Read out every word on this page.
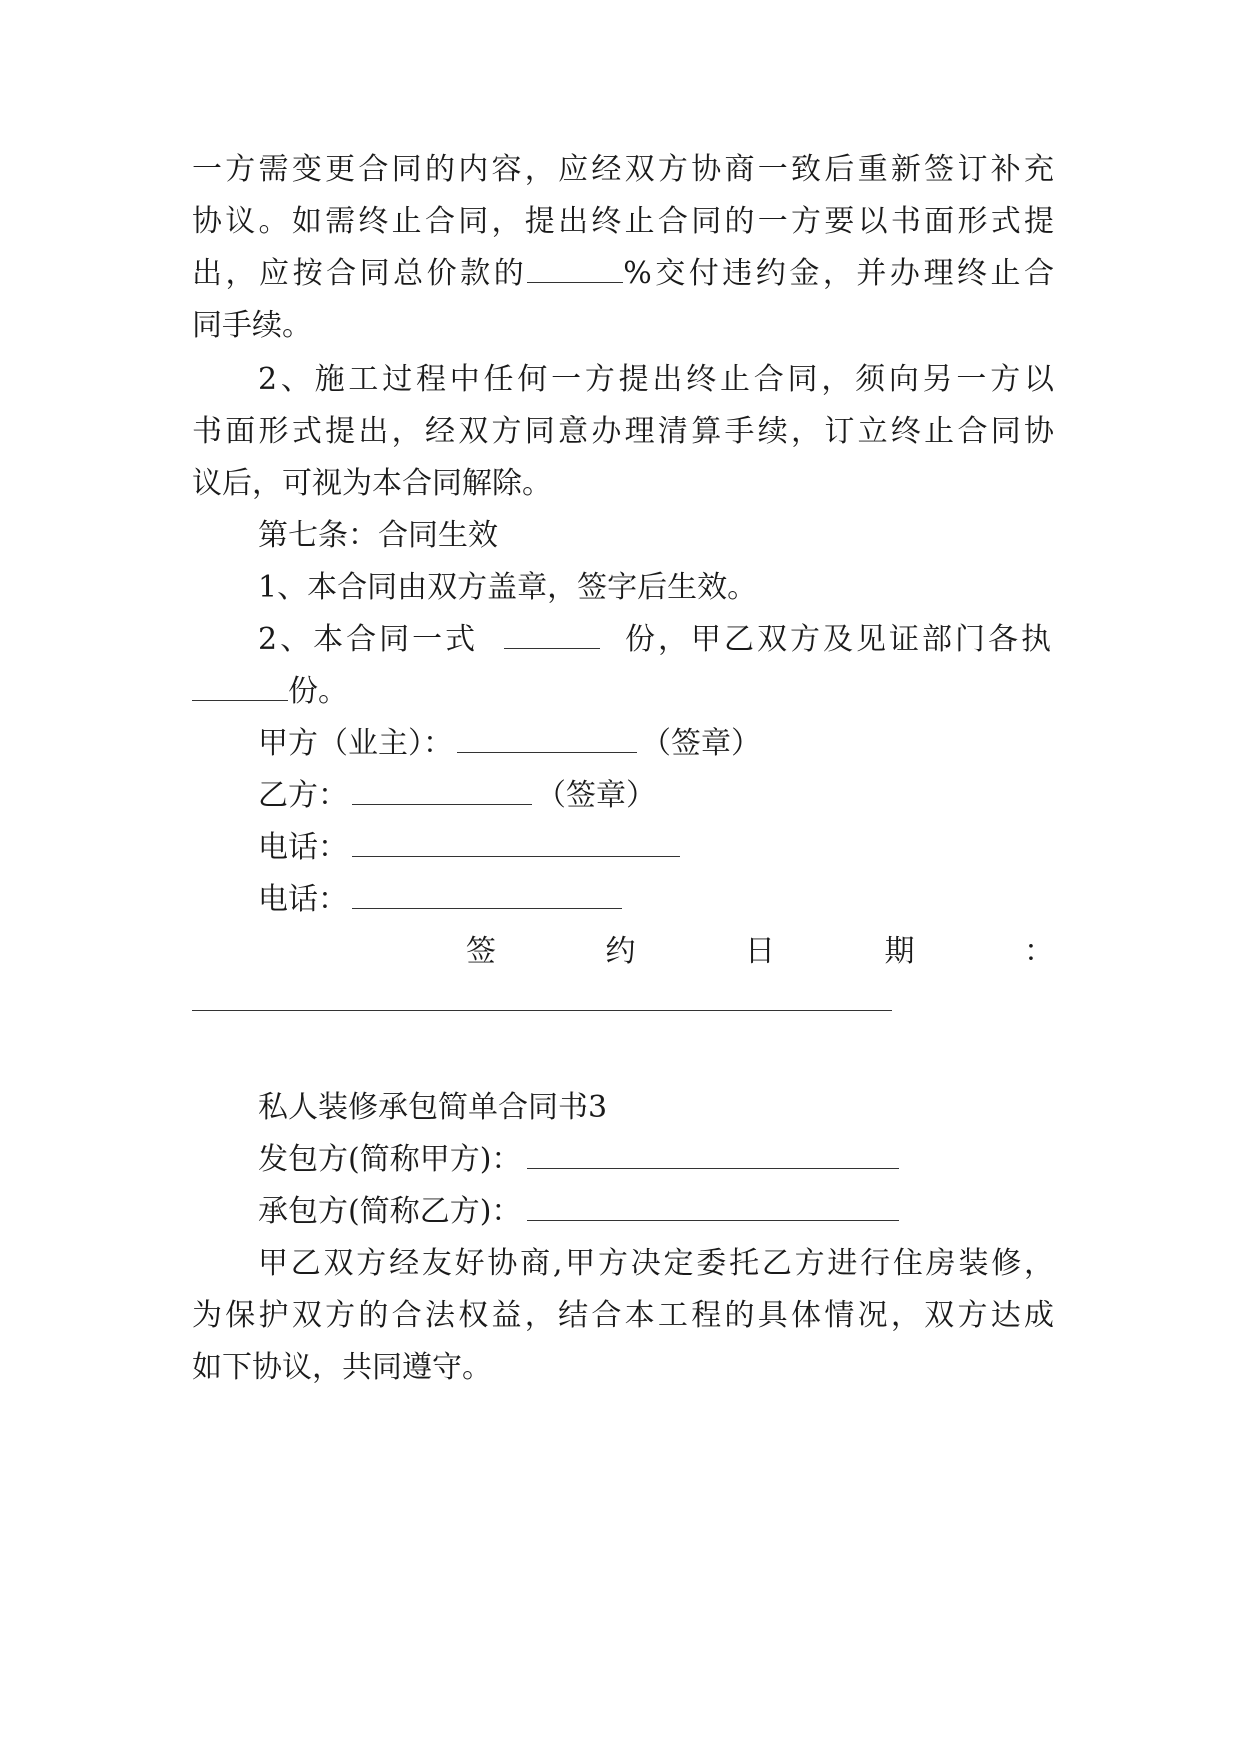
一方需变更合同的内容，应经双方协商一致后重新签订补充
协议。如需终止合同，提出终止合同的一方要以书面形式提
出，应按合同总价款的	%交付违约金，并办理终止合
同手续。
2、施工过程中任何一方提出终止合同，须向另一方以
书面形式提出，经双方同意办理清算手续，订立终止合同协
议后，可视为本合同解除。
第七条：合同生效
1、本合同由双方盖章，签字后生效。
2、本合同一式	份，甲乙双方及见证部门各执
份。
甲方（业主）：	（签章）
乙方：	（签章）
电话：
电话：
签	约	日	期	：
私人装修承包简单合同书3
发包方(简称甲方)：
承包方(简称乙方)：
甲乙双方经友好协商,甲方决定委托乙方进行住房装修，
为保护双方的合法权益，结合本工程的具体情况，双方达成
如下协议，共同遵守。
